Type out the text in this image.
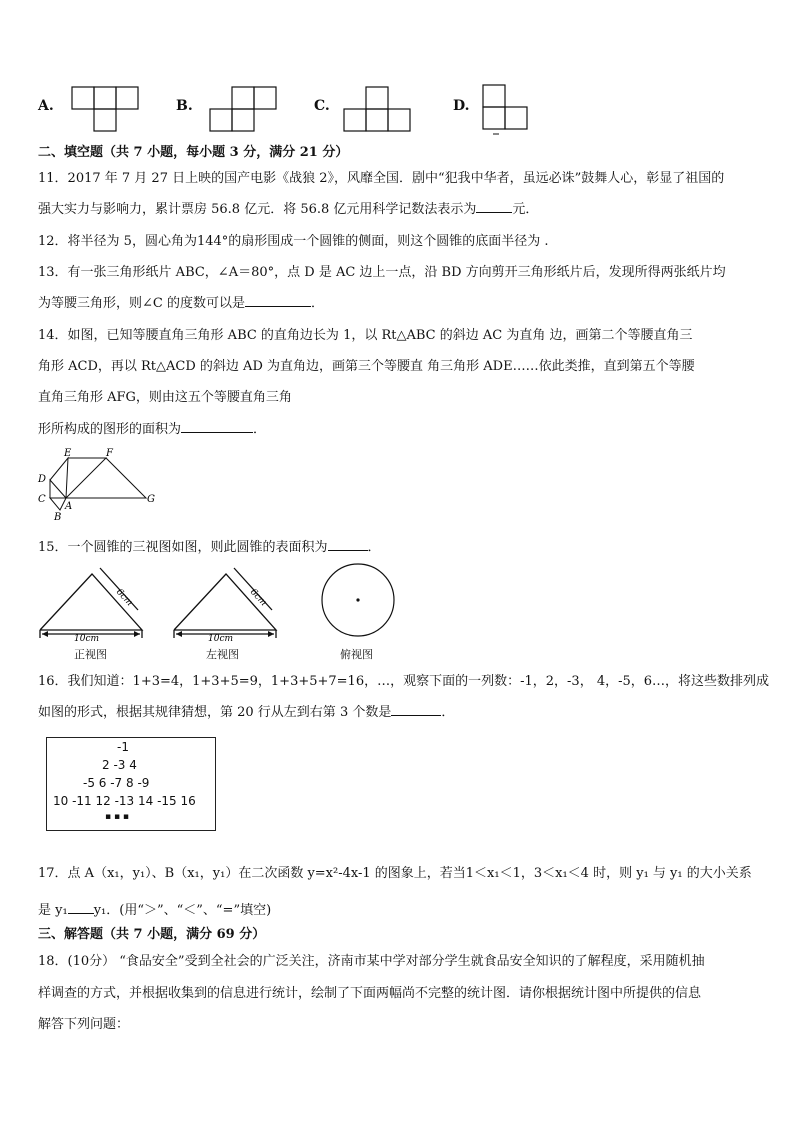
A.	B.	C.	D.
二、填空题（共 7 小题，每小题 3 分，满分 21 分）
11．2017 年 7 月 27 日上映的国产电影《战狼 2》，风靡全国．剧中“犯我中华者，虽远必诛”鼓舞人心，彰显了祖国的
强大实力与影响力，累计票房 56.8 亿元．将 56.8 亿元用科学记数法表示为	元．
12．将半径为 5，圆心角为144°的扇形围成一个圆锥的侧面，则这个圆锥的底面半径为 .
13．有一张三角形纸片 ABC，∠A＝80°，点 D 是 AC 边上一点，沿 BD 方向剪开三角形纸片后，发现所得两张纸片均
为等腰三角形，则∠C 的度数可以是	．
14．如图，已知等腰直角三角形 ABC 的直角边长为 1，以 Rt△ABC 的斜边 AC 为直角 边，画第二个等腰直角三
角形 ACD，再以 Rt△ACD 的斜边 AD 为直角边，画第三个等腰直 角三角形 ADE……依此类推，直到第五个等腰
直角三角形 AFG，则由这五个等腰直角三角
形所构成的图形的面积为	．
E	F
D
C
A
B
G
15．一个圆锥的三视图如图，则此圆锥的表面积为	．
6cm
10cm
正视图
6cm
10cm
左视图	俯视图
16．我们知道：1+3=4，1+3+5=9，1+3+5+7=16，…，观察下面的一列数：-1，2，-3， 4，-5，6…，将这些数排列成
如图的形式，根据其规律猜想，第 20 行从左到右第 3 个数是	．
-1
2 -3 4
-5 6 -7 8 -9
10 -11 12 -13 14 -15 16
▪ ▪ ▪
17．点 A（x₁，y₁）、B（x₁，y₁）在二次函数 y=x²-4x-1 的图象上，若当1＜x₁＜1，3＜x₁＜4 时，则 y₁ 与 y₁ 的大小关系
是 y₁ y₁．(用“＞”、“＜”、“=”填空)
三、解答题（共 7 小题，满分 69 分）
18．(10分） “食品安全”受到全社会的广泛关注，济南市某中学对部分学生就食品安全知识的了解程度，采用随机抽
样调查的方式，并根据收集到的信息进行统计，绘制了下面两幅尚不完整的统计图．请你根据统计图中所提供的信息
解答下列问题：
